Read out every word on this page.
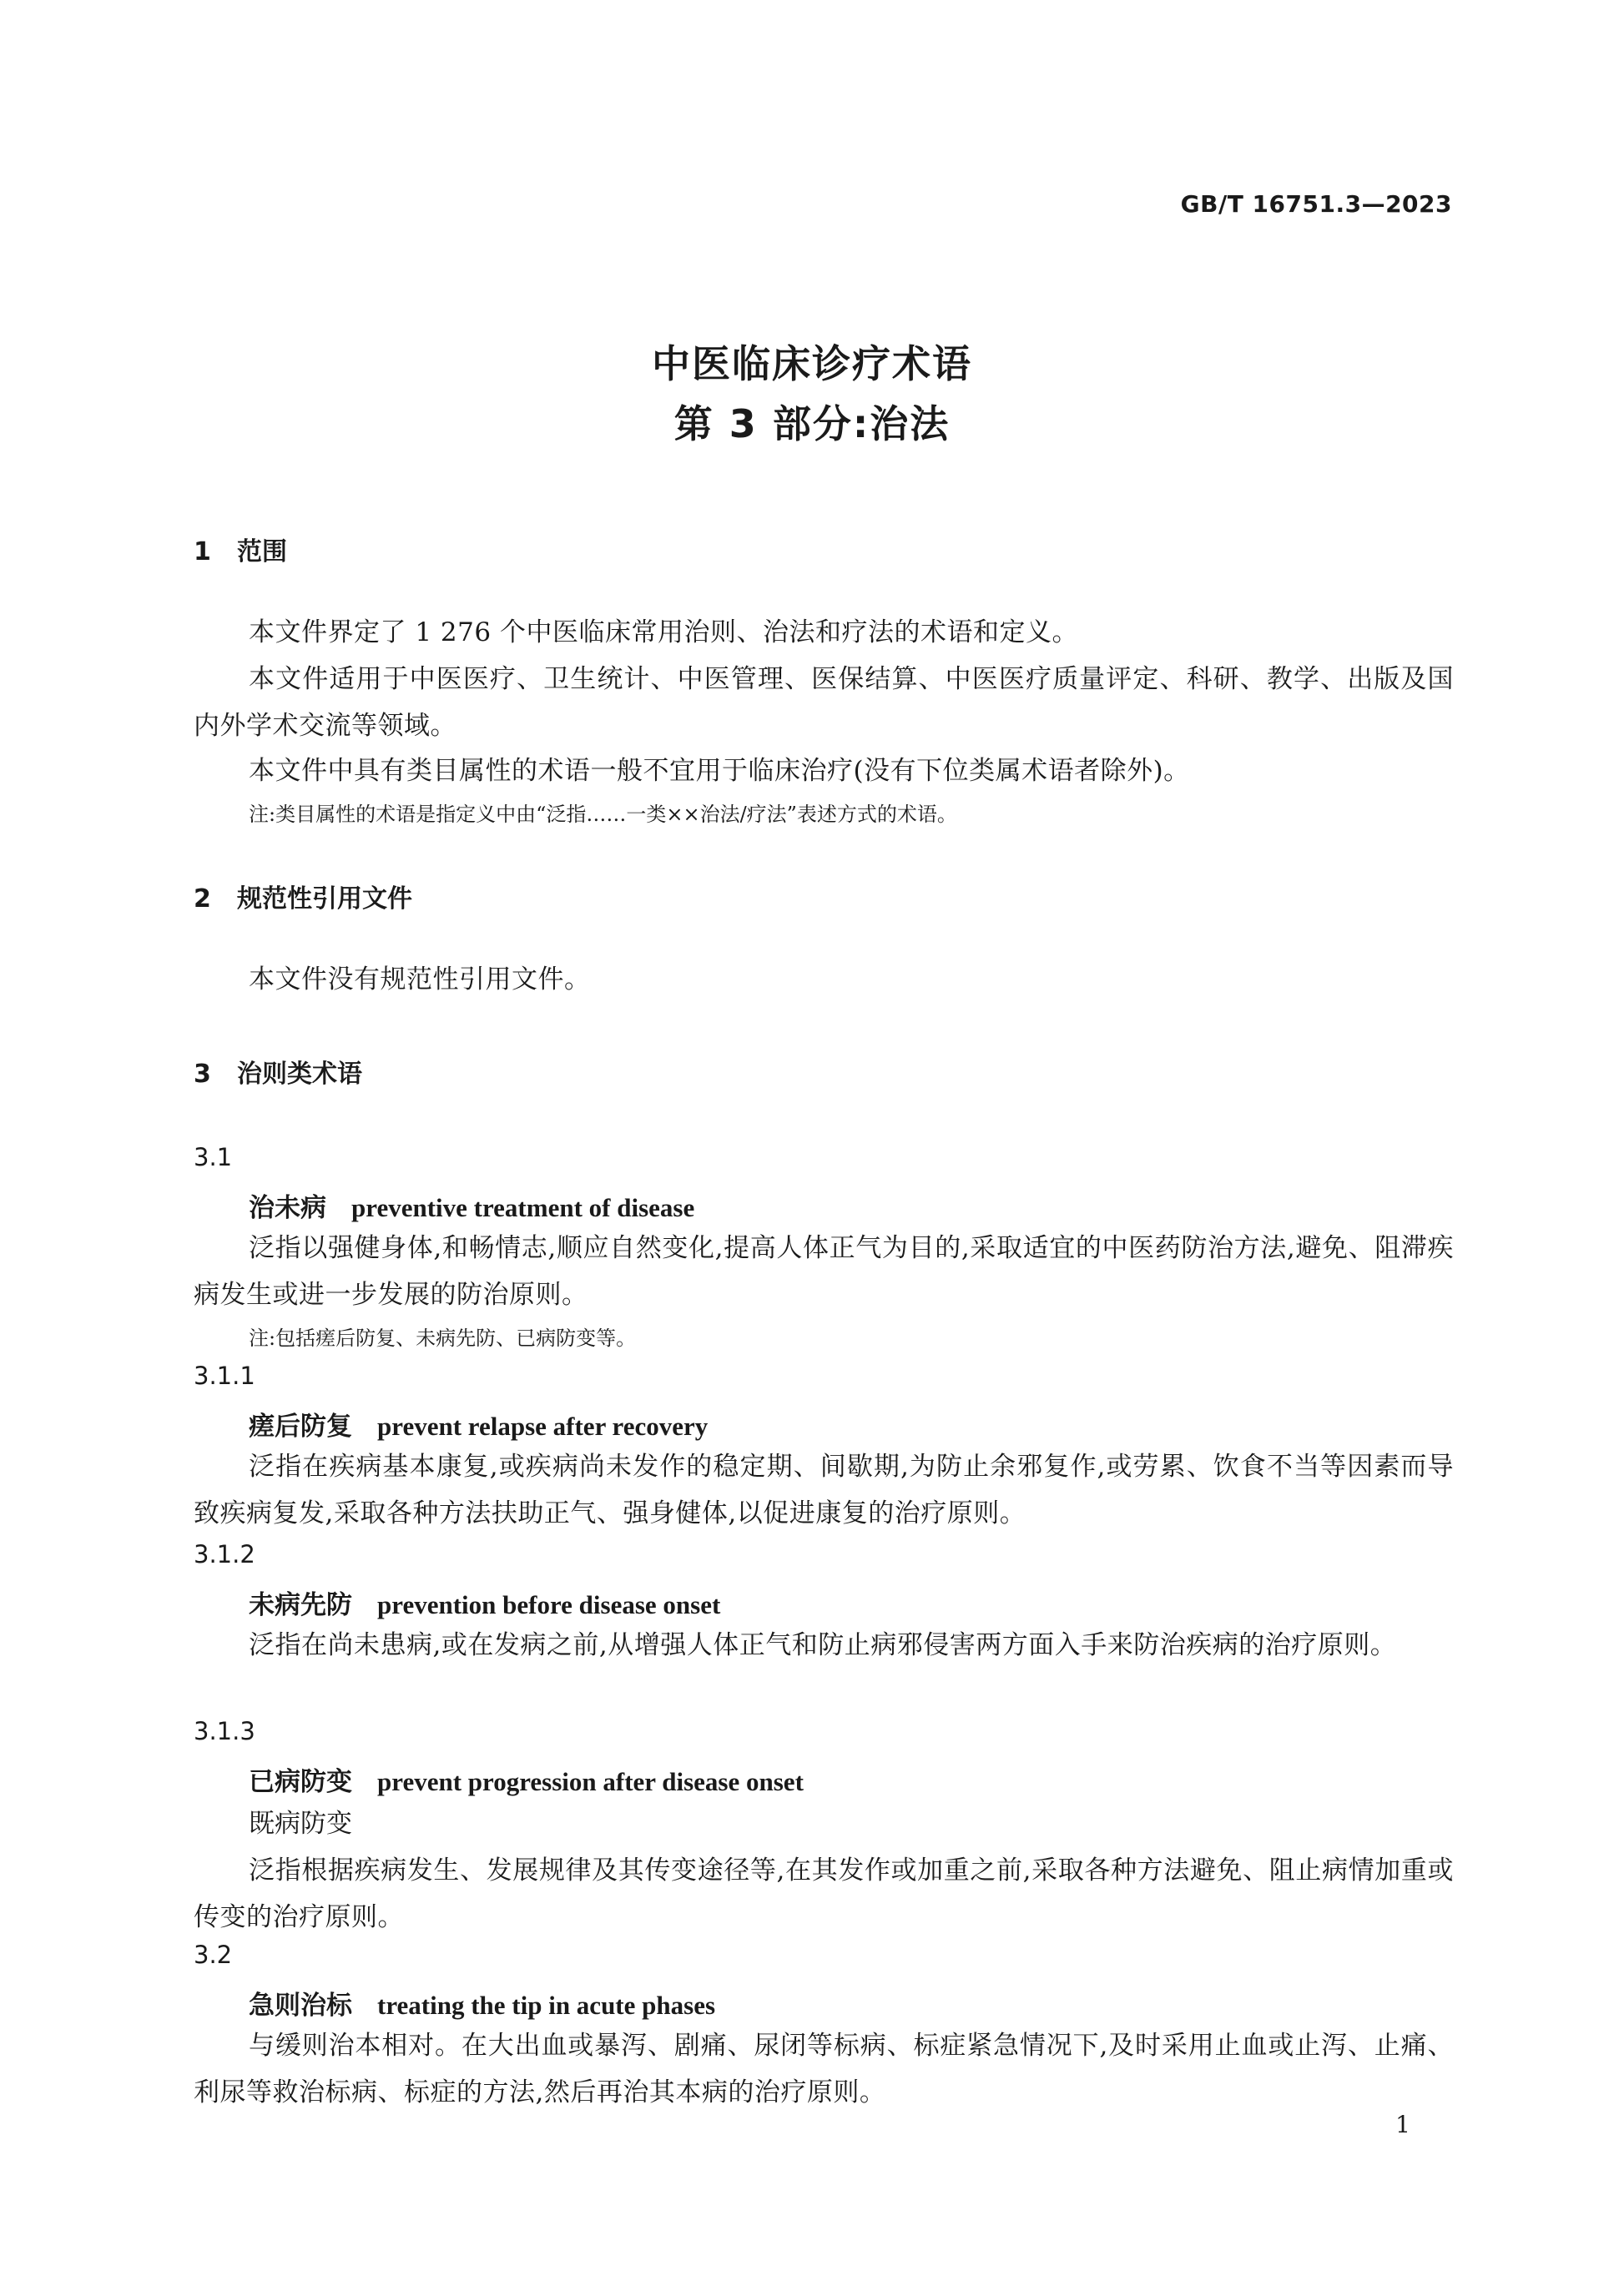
GB/T 16751.3—2023
中医临床诊疗术语
第 3 部分:治法
1 范围
本文件界定了 1 276 个中医临床常用治则、治法和疗法的术语和定义。
本文件适用于中医医疗、卫生统计、中医管理、医保结算、中医医疗质量评定、科研、教学、出版及国内外学术交流等领域。
本文件中具有类目属性的术语一般不宜用于临床治疗(没有下位类属术语者除外)。
注:类目属性的术语是指定义中由“泛指……一类××治法/疗法”表述方式的术语。
2 规范性引用文件
本文件没有规范性引用文件。
3 治则类术语
3.1
治未病 preventive treatment of disease
泛指以强健身体,和畅情志,顺应自然变化,提高人体正气为目的,采取适宜的中医药防治方法,避免、阻滞疾病发生或进一步发展的防治原则。
注:包括瘥后防复、未病先防、已病防变等。
3.1.1
瘥后防复 prevent relapse after recovery
泛指在疾病基本康复,或疾病尚未发作的稳定期、间歇期,为防止余邪复作,或劳累、饮食不当等因素而导致疾病复发,采取各种方法扶助正气、强身健体,以促进康复的治疗原则。
3.1.2
未病先防 prevention before disease onset
泛指在尚未患病,或在发病之前,从增强人体正气和防止病邪侵害两方面入手来防治疾病的治疗原则。
3.1.3
已病防变 prevent progression after disease onset
既病防变
泛指根据疾病发生、发展规律及其传变途径等,在其发作或加重之前,采取各种方法避免、阻止病情加重或传变的治疗原则。
3.2
急则治标 treating the tip in acute phases
与缓则治本相对。在大出血或暴泻、剧痛、尿闭等标病、标症紧急情况下,及时采用止血或止泻、止痛、利尿等救治标病、标症的方法,然后再治其本病的治疗原则。
1
